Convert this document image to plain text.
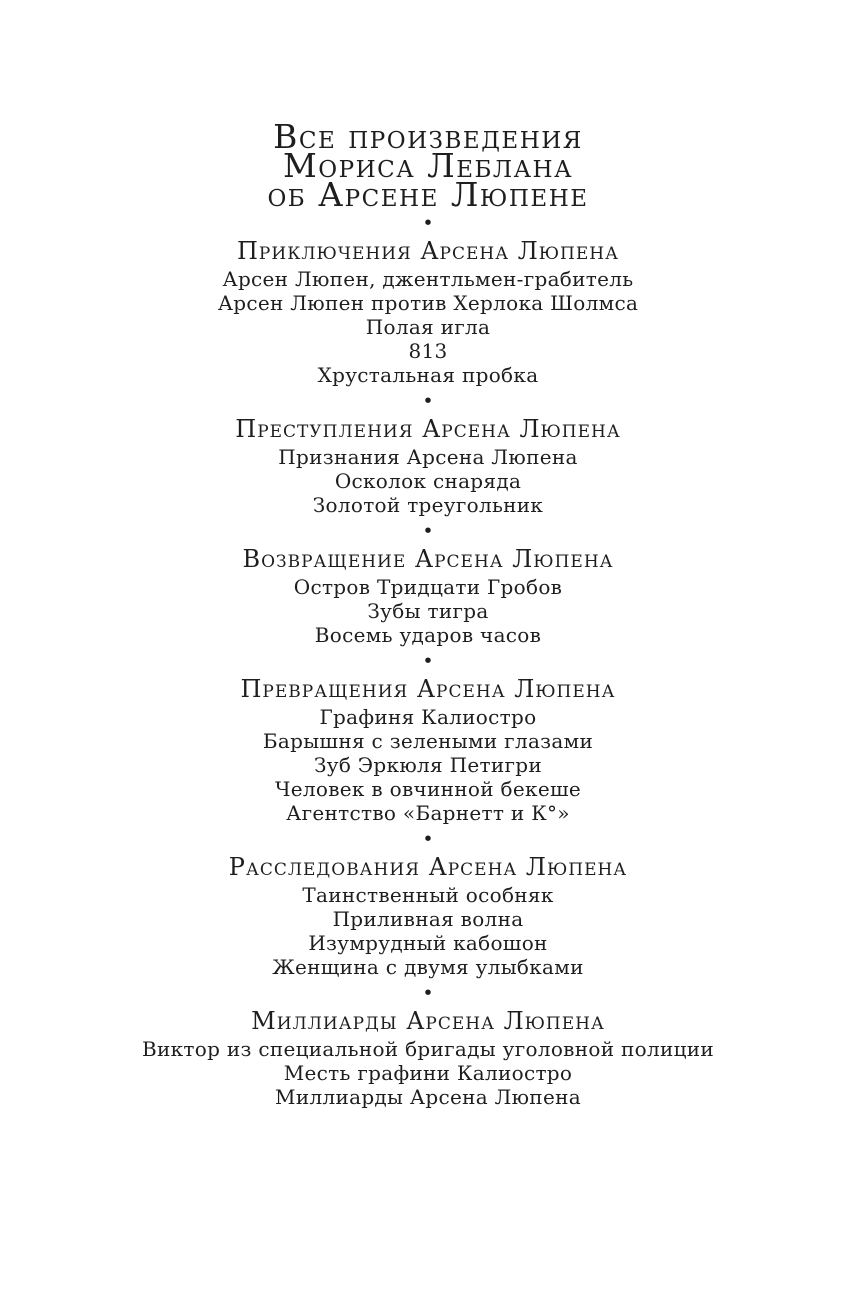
Все произведения
Мориса Леблана
об Арсене Люпене
•
Приключения Арсена Люпена
Арсен Люпен, джентльмен-грабитель
Арсен Люпен против Херлока Шолмса
Полая игла
813
Хрустальная пробка
•
Преступления Арсена Люпена
Признания Арсена Люпена
Осколок снаряда
Золотой треугольник
•
Возвращение Арсена Люпена
Остров Тридцати Гробов
Зубы тигра
Восемь ударов часов
•
Превращения Арсена Люпена
Графиня Калиостро
Барышня с зелеными глазами
Зуб Эркюля Петигри
Человек в овчинной бекеше
Агентство «Барнетт и К°»
•
Расследования Арсена Люпена
Таинственный особняк
Приливная волна
Изумрудный кабошон
Женщина с двумя улыбками
•
Миллиарды Арсена Люпена
Виктор из специальной бригады уголовной полиции
Месть графини Калиостро
Миллиарды Арсена Люпена
